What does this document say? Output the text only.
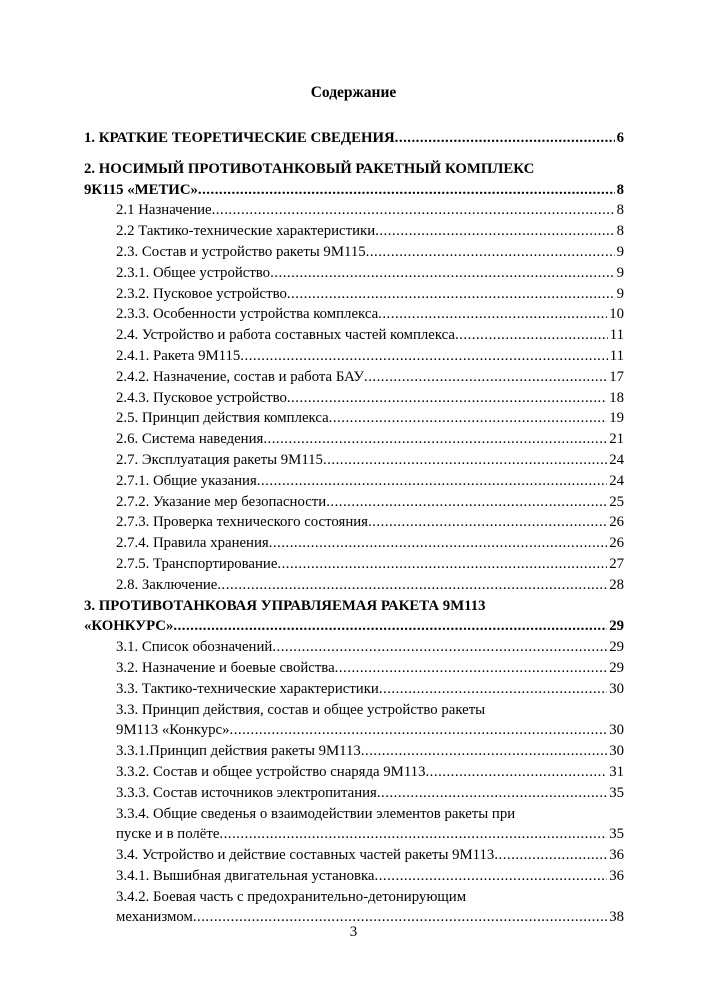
Содержание
1. КРАТКИЕ ТЕОРЕТИЧЕСКИЕ СВЕДЕНИЯ . . .	6
2. НОСИМЫЙ ПРОТИВОТАНКОВЫЙ РАКЕТНЫЙ КОМПЛЕКС
9К115 «МЕТИС» . . .	8
2.1 Назначение . . .	8
2.2 Тактико-технические характеристики . . .	8
2.3. Состав и устройство ракеты 9М115 . . .	9
2.3.1. Общее устройство . . .	9
2.3.2. Пусковое устройство . . .	9
2.3.3. Особенности устройства комплекса . . .	10
2.4. Устройство и работа составных частей комплекса . . .	11
2.4.1. Ракета 9М115 . . .	11
2.4.2. Назначение, состав и работа БАУ . . .	17
2.4.3. Пусковое устройство . . .	18
2.5. Принцип действия комплекса . . .	19
2.6. Система наведения . . .	21
2.7. Эксплуатация ракеты 9М115 . . .	24
2.7.1. Общие указания . . .	24
2.7.2. Указание мер безопасности . . .	25
2.7.3. Проверка технического состояния . . .	26
2.7.4. Правила хранения . . .	26
2.7.5. Транспортирование . . .	27
2.8. Заключение . . .	28
3. ПРОТИВОТАНКОВАЯ УПРАВЛЯЕМАЯ РАКЕТА 9М113
«КОНКУРС» . . .	29
3.1. Список обозначений . . .	29
3.2. Назначение и боевые свойства . . .	29
3.3. Тактико-технические характеристики . . .	30
3.3. Принцип действия, состав и общее устройство ракеты
9М113 «Конкурс» . . .	30
3.3.1.Принцип действия ракеты 9М113 . . .	30
3.3.2. Состав и общее устройство снаряда 9М113 . . .	31
3.3.3. Состав источников электропитания . . .	35
3.3.4. Общие сведенья о взаимодействии элементов ракеты при
пуске и в полёте . . .	35
3.4. Устройство и действие составных частей ракеты 9М113 . . .	36
3.4.1. Вышибная двигательная установка . . .	36
3.4.2. Боевая часть с предохранительно-детонирующим
механизмом . . .	38
3
